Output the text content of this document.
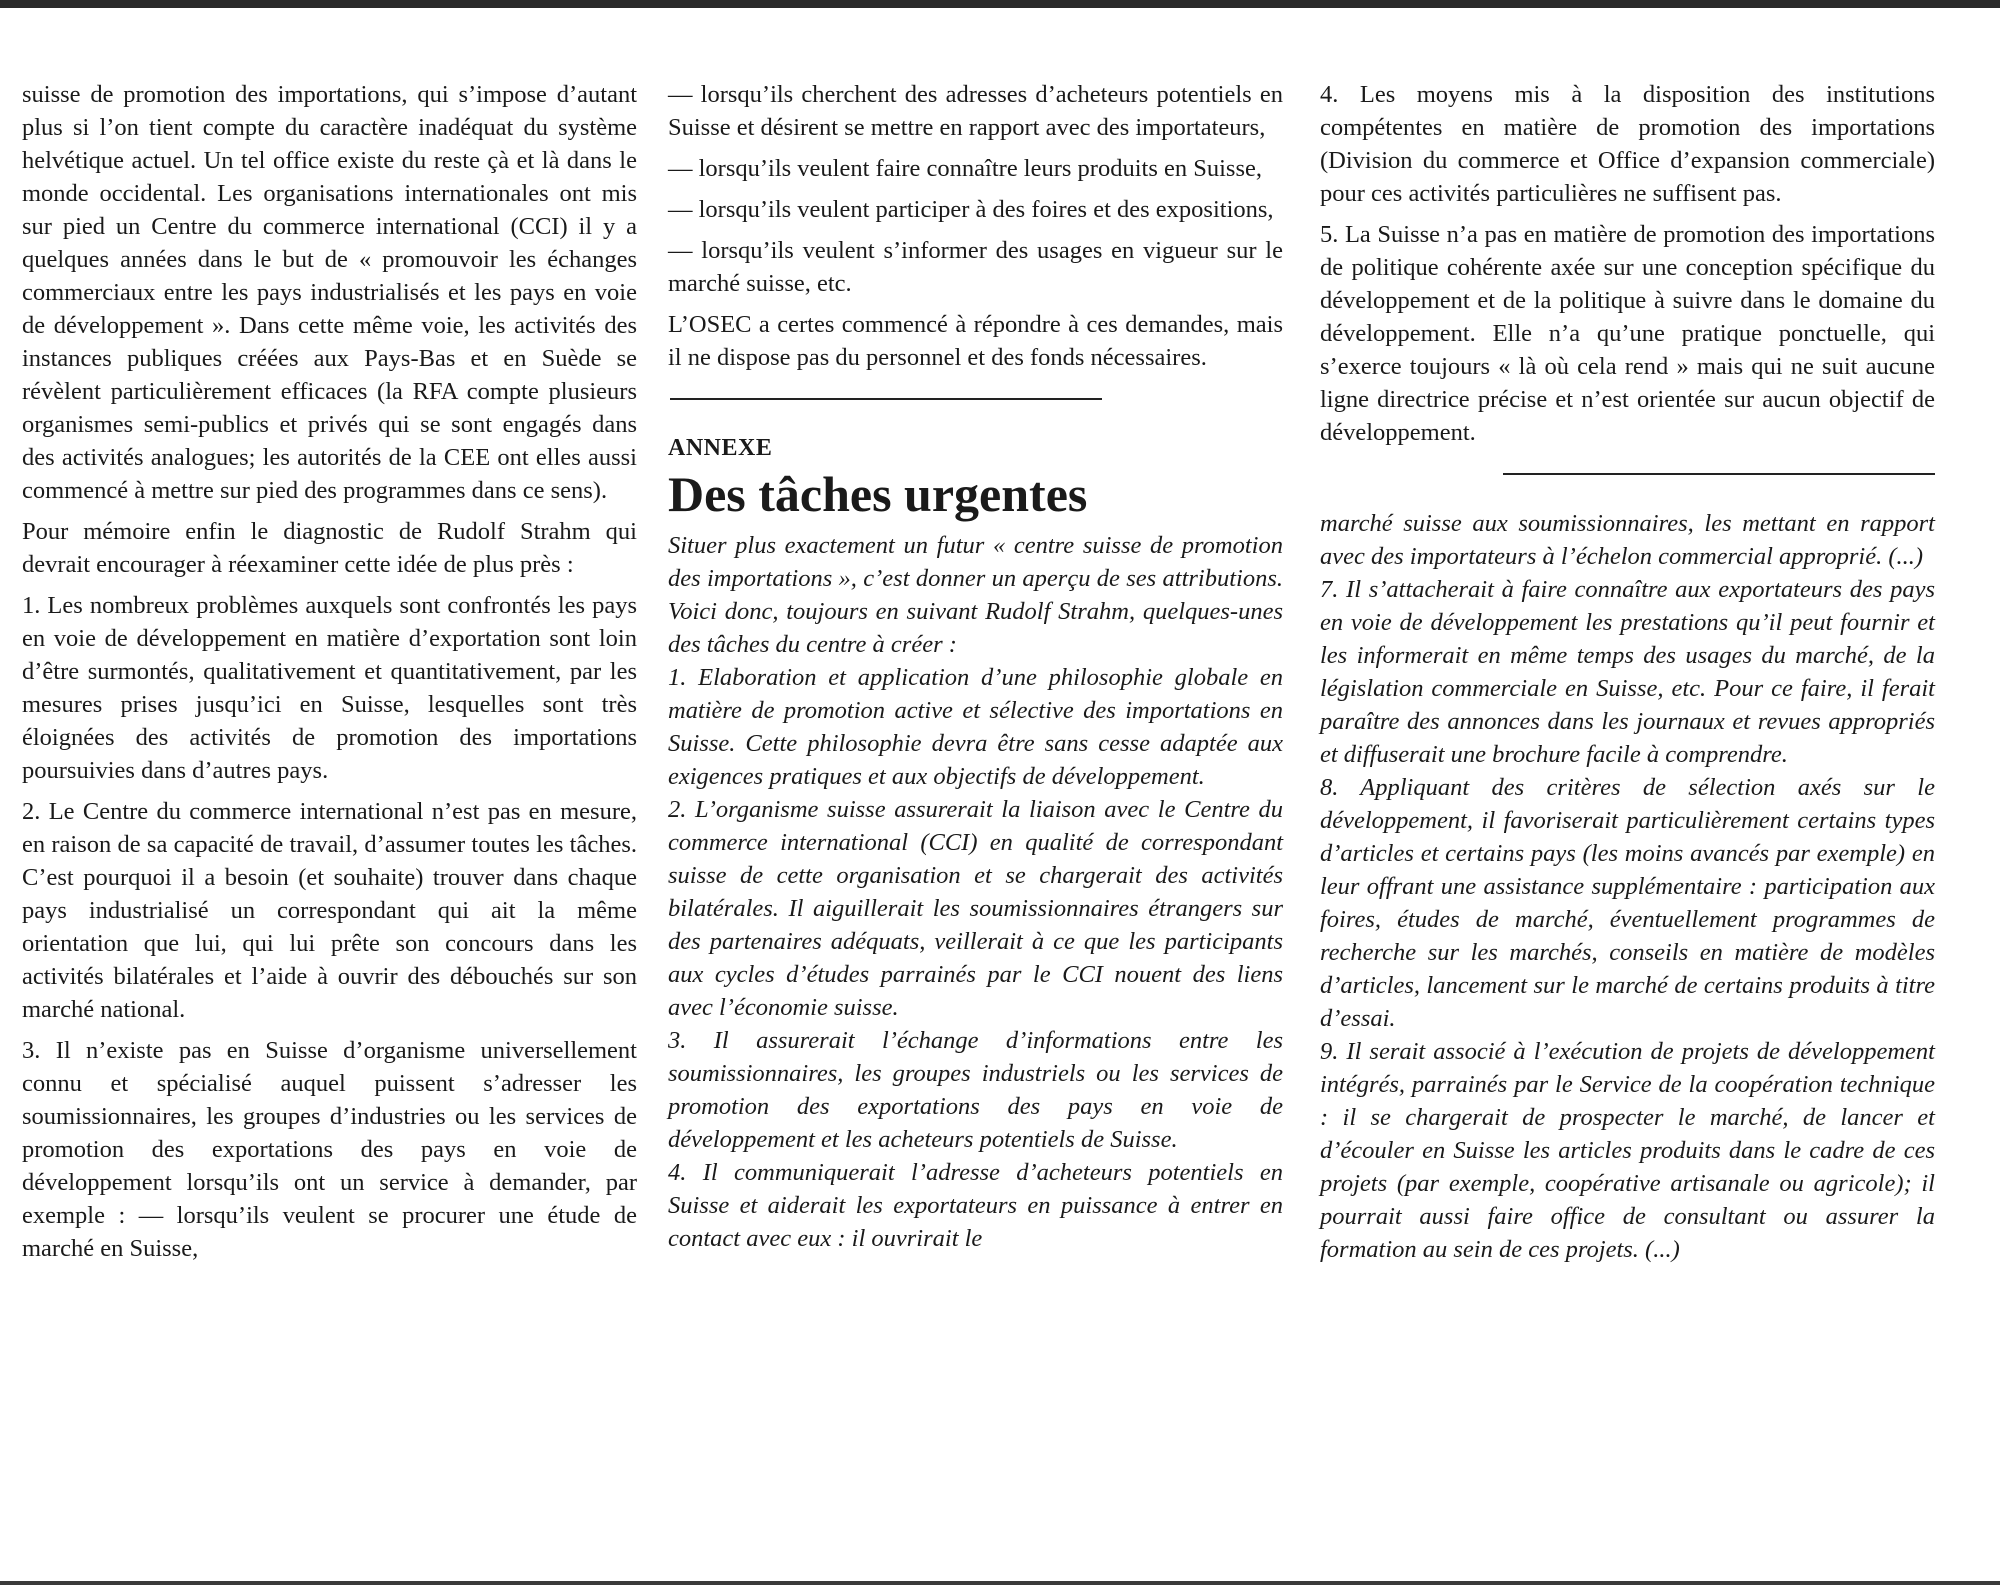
suisse de promotion des importations, qui s’impose d’autant plus si l’on tient compte du caractère inadéquat du système helvétique actuel. Un tel office existe du reste çà et là dans le monde occidental. Les organisations internationales ont mis sur pied un Centre du commerce international (CCI) il y a quelques années dans le but de « promouvoir les échanges commerciaux entre les pays industrialisés et les pays en voie de développement ». Dans cette même voie, les activités des instances publiques créées aux Pays-Bas et en Suède se révèlent particulièrement efficaces (la RFA compte plusieurs organismes semi-publics et privés qui se sont engagés dans des activités analogues; les autorités de la CEE ont elles aussi commencé à mettre sur pied des programmes dans ce sens).

Pour mémoire enfin le diagnostic de Rudolf Strahm qui devrait encourager à réexaminer cette idée de plus près :

1. Les nombreux problèmes auxquels sont confrontés les pays en voie de développement en matière d’exportation sont loin d’être surmontés, qualitativement et quantitativement, par les mesures prises jusqu’ici en Suisse, lesquelles sont très éloignées des activités de promotion des importations poursuivies dans d’autres pays.

2. Le Centre du commerce international n’est pas en mesure, en raison de sa capacité de travail, d’assumer toutes les tâches. C’est pourquoi il a besoin (et souhaite) trouver dans chaque pays industrialisé un correspondant qui ait la même orientation que lui, qui lui prête son concours dans les activités bilatérales et l’aide à ouvrir des débouchés sur son marché national.

3. Il n’existe pas en Suisse d’organisme universellement connu et spécialisé auquel puissent s’adresser les soumissionnaires, les groupes d’industries ou les services de promotion des exportations des pays en voie de développement lorsqu’ils ont un service à demander, par exemple : — lorsqu’ils veulent se procurer une étude de marché en Suisse,

— lorsqu’ils cherchent des adresses d’acheteurs potentiels en Suisse et désirent se mettre en rapport avec des importateurs,

— lorsqu’ils veulent faire connaître leurs produits en Suisse,

— lorsqu’ils veulent participer à des foires et des expositions,

— lorsqu’ils veulent s’informer des usages en vigueur sur le marché suisse, etc.

L’OSEC a certes commencé à répondre à ces demandes, mais il ne dispose pas du personnel et des fonds nécessaires.

ANNEXE
Des tâches urgentes

Situer plus exactement un futur « centre suisse de promotion des importations », c’est donner un aperçu de ses attributions. Voici donc, toujours en suivant Rudolf Strahm, quelques-unes des tâches du centre à créer :

1. Elaboration et application d’une philosophie globale en matière de promotion active et sélective des importations en Suisse. Cette philosophie devra être sans cesse adaptée aux exigences pratiques et aux objectifs de développement.

2. L’organisme suisse assurerait la liaison avec le Centre du commerce international (CCI) en qualité de correspondant suisse de cette organisation et se chargerait des activités bilatérales. Il aiguillerait les soumissionnaires étrangers sur des partenaires adéquats, veillerait à ce que les participants aux cycles d’études parrainés par le CCI nouent des liens avec l’économie suisse.

3. Il assurerait l’échange d’informations entre les soumissionnaires, les groupes industriels ou les services de promotion des exportations des pays en voie de développement et les acheteurs potentiels de Suisse.

4. Il communiquerait l’adresse d’acheteurs potentiels en Suisse et aiderait les exportateurs en puissance à entrer en contact avec eux : il ouvrirait le

4. Les moyens mis à la disposition des institutions compétentes en matière de promotion des importations (Division du commerce et Office d’expansion commerciale) pour ces activités particulières ne suffisent pas.

5. La Suisse n’a pas en matière de promotion des importations de politique cohérente axée sur une conception spécifique du développement et de la politique à suivre dans le domaine du développement. Elle n’a qu’une pratique ponctuelle, qui s’exerce toujours « là où cela rend » mais qui ne suit aucune ligne directrice précise et n’est orientée sur aucun objectif de développement.

marché suisse aux soumissionnaires, les mettant en rapport avec des importateurs à l’échelon commercial approprié. (...)

7. Il s’attacherait à faire connaître aux exportateurs des pays en voie de développement les prestations qu’il peut fournir et les informerait en même temps des usages du marché, de la législation commerciale en Suisse, etc. Pour ce faire, il ferait paraître des annonces dans les journaux et revues appropriés et diffuserait une brochure facile à comprendre.

8. Appliquant des critères de sélection axés sur le développement, il favoriserait particulièrement certains types d’articles et certains pays (les moins avancés par exemple) en leur offrant une assistance supplémentaire : participation aux foires, études de marché, éventuellement programmes de recherche sur les marchés, conseils en matière de modèles d’articles, lancement sur le marché de certains produits à titre d’essai.

9. Il serait associé à l’exécution de projets de développement intégrés, parrainés par le Service de la coopération technique : il se chargerait de prospecter le marché, de lancer et d’écouler en Suisse les articles produits dans le cadre de ces projets (par exemple, coopérative artisanale ou agricole); il pourrait aussi faire office de consultant ou assurer la formation au sein de ces projets. (...)
